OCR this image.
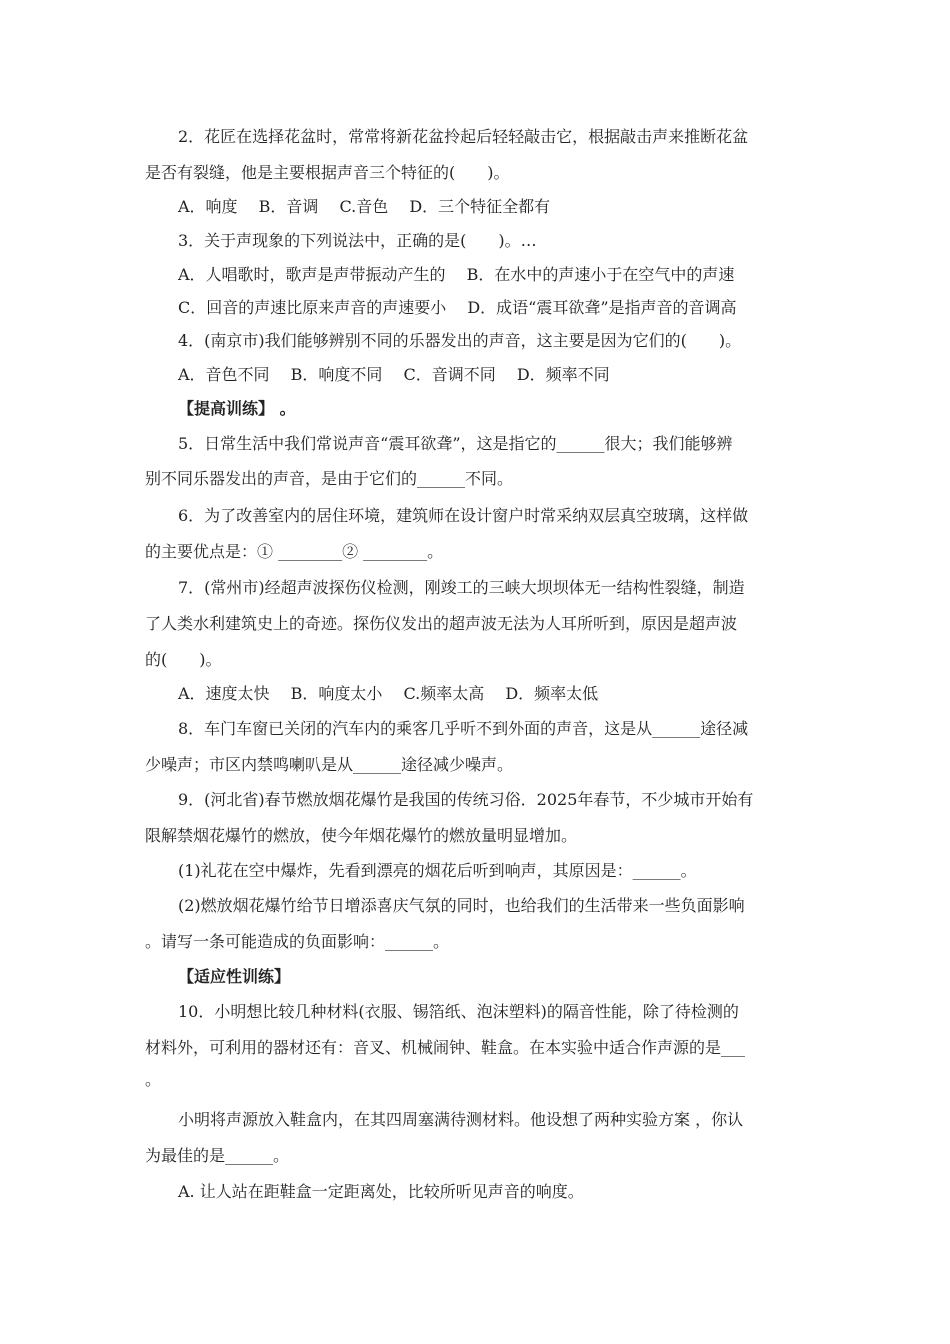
2．花匠在选择花盆时，常常将新花盆拎起后轻轻敲击它，根据敲击声来推断花盆
是否有裂缝，他是主要根据声音三个特征的(　　)。
A．响度　 B．音调　 C.音色　 D．三个特征全都有
3．关于声现象的下列说法中，正确的是(　　)。…
A．人唱歌时，歌声是声带振动产生的　 B．在水中的声速小于在空气中的声速
C．回音的声速比原来声音的声速要小　 D．成语“震耳欲聋”是指声音的音调高
4．(南京市)我们能够辨别不同的乐器发出的声音，这主要是因为它们的(　　)。
A．音色不同　 B．响度不同　 C．音调不同　 D．频率不同
【提高训练】 。
5．日常生活中我们常说声音“震耳欲聋”，这是指它的______很大；我们能够辨
别不同乐器发出的声音，是由于它们的______不同。
6．为了改善室内的居住环境，建筑师在设计窗户时常采纳双层真空玻璃，这样做
的主要优点是：① ________② ________。
7．(常州市)经超声波探伤仪检测，刚竣工的三峡大坝坝体无一结构性裂缝，制造
了人类水利建筑史上的奇迹。探伤仪发出的超声波无法为人耳所听到，原因是超声波
的(　　)。
A．速度太快　 B．响度太小　 C.频率太高　 D．频率太低
8．车门车窗已关闭的汽车内的乘客几乎听不到外面的声音，这是从______途径减
少噪声；市区内禁鸣喇叭是从______途径减少噪声。
9．(河北省)春节燃放烟花爆竹是我国的传统习俗．2025年春节，不少城市开始有
限解禁烟花爆竹的燃放，使今年烟花爆竹的燃放量明显增加。
(1)礼花在空中爆炸，先看到漂亮的烟花后听到响声，其原因是：______。
(2)燃放烟花爆竹给节日增添喜庆气氛的同时，也给我们的生活带来一些负面影响
。请写一条可能造成的负面影响：______。
【适应性训练】
10．小明想比较几种材料(衣服、锡箔纸、泡沫塑料)的隔音性能，除了待检测的
材料外，可利用的器材还有：音叉、机械闹钟、鞋盒。在本实验中适合作声源的是___
。
小明将声源放入鞋盒内，在其四周塞满待测材料。他设想了两种实验方案 ，你认
为最佳的是______。
A. 让人站在距鞋盒一定距离处，比较所听见声音的响度。
